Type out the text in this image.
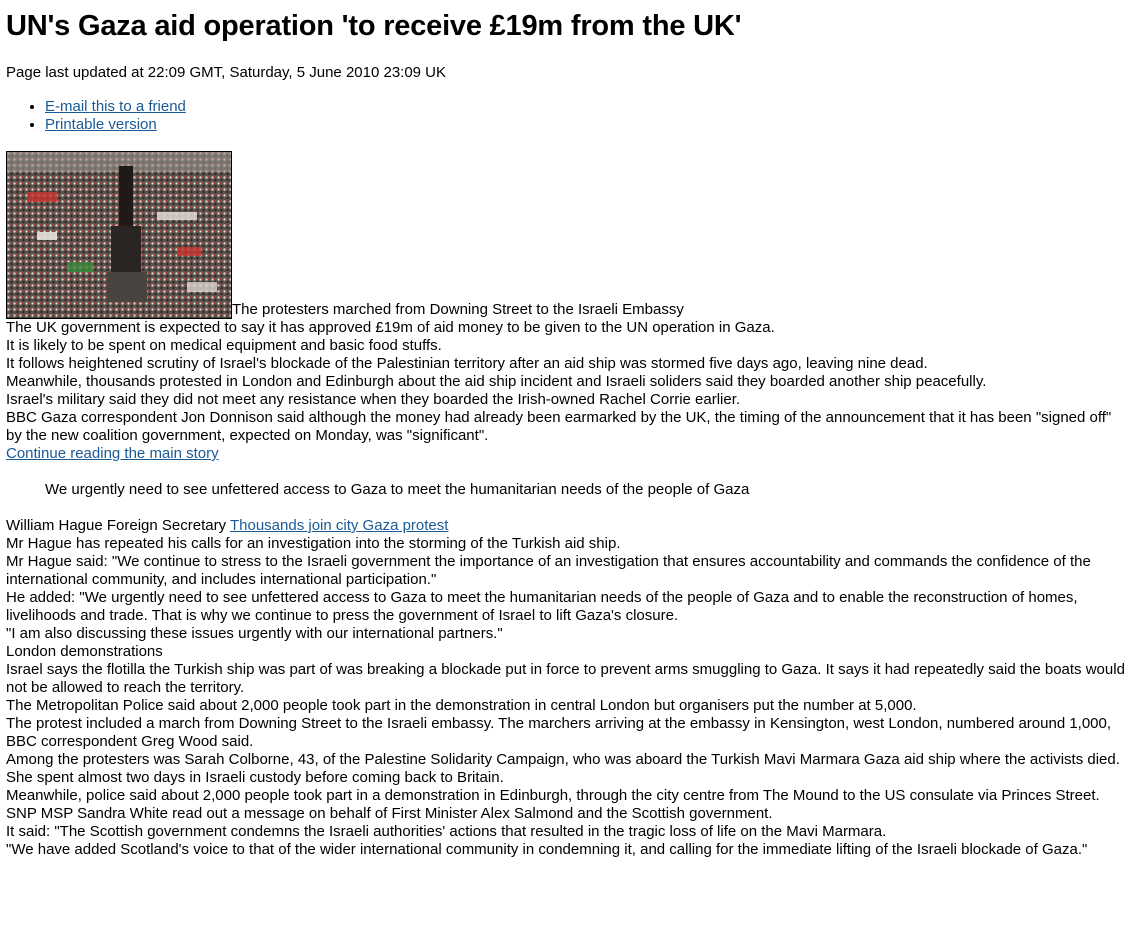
UN's Gaza aid operation 'to receive £19m from the UK'

Page last updated at 22:09 GMT, Saturday, 5 June 2010 23:09 UK

• E-mail this to a friend
• Printable version
The protesters marched from Downing Street to the Israeli Embassy

The UK government is expected to say it has approved £19m of aid money to be given to the UN operation in Gaza.

It is likely to be spent on medical equipment and basic food stuffs.

It follows heightened scrutiny of Israel's blockade of the Palestinian territory after an aid ship was stormed five days ago, leaving nine dead.

Meanwhile, thousands protested in London and Edinburgh about the aid ship incident and Israeli soliders said they boarded another ship peacefully.

Israel's military said they did not meet any resistance when they boarded the Irish-owned Rachel Corrie earlier.

BBC Gaza correspondent Jon Donnison said although the money had already been earmarked by the UK, the timing of the announcement that it has been "signed off" by the new coalition government, expected on Monday, was "significant".

Continue reading the main story

We urgently need to see unfettered access to Gaza to meet the humanitarian needs of the people of Gaza

William Hague Foreign Secretary Thousands join city Gaza protest

Mr Hague has repeated his calls for an investigation into the storming of the Turkish aid ship.

Mr Hague said: "We continue to stress to the Israeli government the importance of an investigation that ensures accountability and commands the confidence of the international community, and includes international participation."

He added: "We urgently need to see unfettered access to Gaza to meet the humanitarian needs of the people of Gaza and to enable the reconstruction of homes, livelihoods and trade. That is why we continue to press the government of Israel to lift Gaza's closure.

"I am also discussing these issues urgently with our international partners."

London demonstrations

Israel says the flotilla the Turkish ship was part of was breaking a blockade put in force to prevent arms smuggling to Gaza. It says it had repeatedly said the boats would not be allowed to reach the territory.

The Metropolitan Police said about 2,000 people took part in the demonstration in central London but organisers put the number at 5,000.

The protest included a march from Downing Street to the Israeli embassy. The marchers arriving at the embassy in Kensington, west London, numbered around 1,000, BBC correspondent Greg Wood said.

Among the protesters was Sarah Colborne, 43, of the Palestine Solidarity Campaign, who was aboard the Turkish Mavi Marmara Gaza aid ship where the activists died.

She spent almost two days in Israeli custody before coming back to Britain.

Meanwhile, police said about 2,000 people took part in a demonstration in Edinburgh, through the city centre from The Mound to the US consulate via Princes Street.

SNP MSP Sandra White read out a message on behalf of First Minister Alex Salmond and the Scottish government.

It said: "The Scottish government condemns the Israeli authorities' actions that resulted in the tragic loss of life on the Mavi Marmara.

"We have added Scotland's voice to that of the wider international community in condemning it, and calling for the immediate lifting of the Israeli blockade of Gaza."
